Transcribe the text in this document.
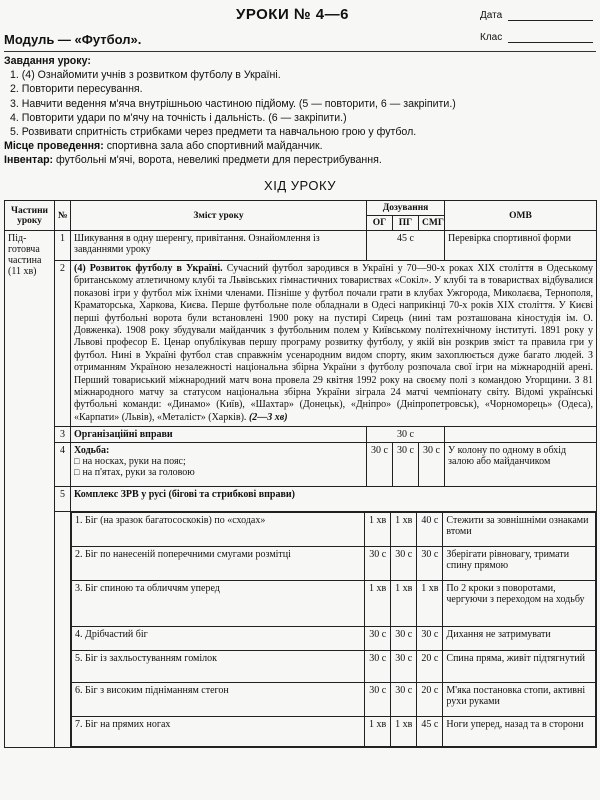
УРОКИ № 4—6	Дата
Клас
Модуль — «Футбол».
Завдання уроку:
1. (4) Ознайомити учнів з розвитком футболу в Україні.
2. Повторити пересування.
3. Навчити ведення м'яча внутрішньою частиною підйому. (5 — повторити, 6 — закріпити.)
4. Повторити удари по м'ячу на точність і дальність. (6 — закріпити.)
5. Розвивати спритність стрибками через предмети та навчальною грою у футбол.
Місце проведення: спортивна зала або спортивний майданчик.
Інвентар: футбольні м'ячі, ворота, невеликі предмети для перестрибування.
ХІД УРОКУ
Частини уроку	№	Зміст уроку	Дозування	ОМВ
ОГ	ПГ	СМГ
Під-готовча частина (11 хв)	1	Шикування в одну шеренгу, привітання. Ознайомлення із завданнями уроку	45 с	Перевірка спортивної форми
2	(4) Розвиток футболу в Україні. Сучасний футбол зародився в Україні у 70—90-х роках XIX століття в Одеському британському атлетичному клубі та Львівських гімнастичних товариствах «Сокіл». У клубі та в товариствах відбувалися показові ігри у футбол між їхніми членами. Пізніше у футбол почали грати в клубах Ужгорода, Миколаєва, Тернополя, Краматорська, Харкова, Києва. Перше футбольне поле обладнали в Одесі наприкінці 70-х років XIX століття. У Києві перші футбольні ворота були встановлені 1900 року на пустирі Сирець (нині там розташована кіностудія ім. О. Довженка). 1908 року збудували майданчик з футбольним полем у Київському політехнічному інституті. 1891 року у Львові професор Е. Ценар опублікував першу програму розвитку футболу, у якій він розкрив зміст та правила гри у футбол. Нині в Україні футбол став справжнім усенародним видом спорту, яким захоплюється дуже багато людей. З отриманням Україною незалежності національна збірна України з футболу розпочала свої ігри на міжнародній арені. Перший товариський міжнародний матч вона провела 29 квітня 1992 року на своєму полі з командою Угорщини. З 81 міжнародного матчу за статусом національна збірна України зіграла 24 матчі чемпіонату світу. Відомі українські футбольні команди: «Динамо» (Київ), «Шахтар» (Донецьк), «Дніпро» (Дніпропетровськ), «Чорноморець» (Одеса), «Карпати» (Львів), «Металіст» (Харків). (2—3 хв)
3	Організаційні вправи	30 с	
4	Ходьба:
□ на носках, руки на пояс;
□ на п'ятах, руки за головою
	30 с	30 с	30 с	У колону по одному в обхід залою або майданчиком
5	Комплекс ЗРВ у русі (бігові та стрибкові вправи)

1. Біг (на зразок багатососкоків) по «сходах»	1 хв	1 хв	40 с	Стежити за зовнішніми ознаками втоми
2. Біг по нанесеній поперечними смугами розмітці	30 с	30 с	30 с	Зберігати рівновагу, тримати спину прямою
3. Біг спиною та обличчям уперед	1 хв	1 хв	1 хв	По 2 кроки з поворотами, чергуючи з переходом на ходьбу
4. Дрібчастий біг	30 с	30 с	30 с	Дихання не затримувати
5. Біг із захльостуванням гомілок	30 с	30 с	20 с	Спина пряма, живіт підтягнутий
6. Біг з високим підніманням стегон	30 с	30 с	20 с	М'яка постановка стопи, активні рухи руками
7. Біг на прямих ногах	1 хв	1 хв	45 с	Ноги уперед, назад та в сторони
